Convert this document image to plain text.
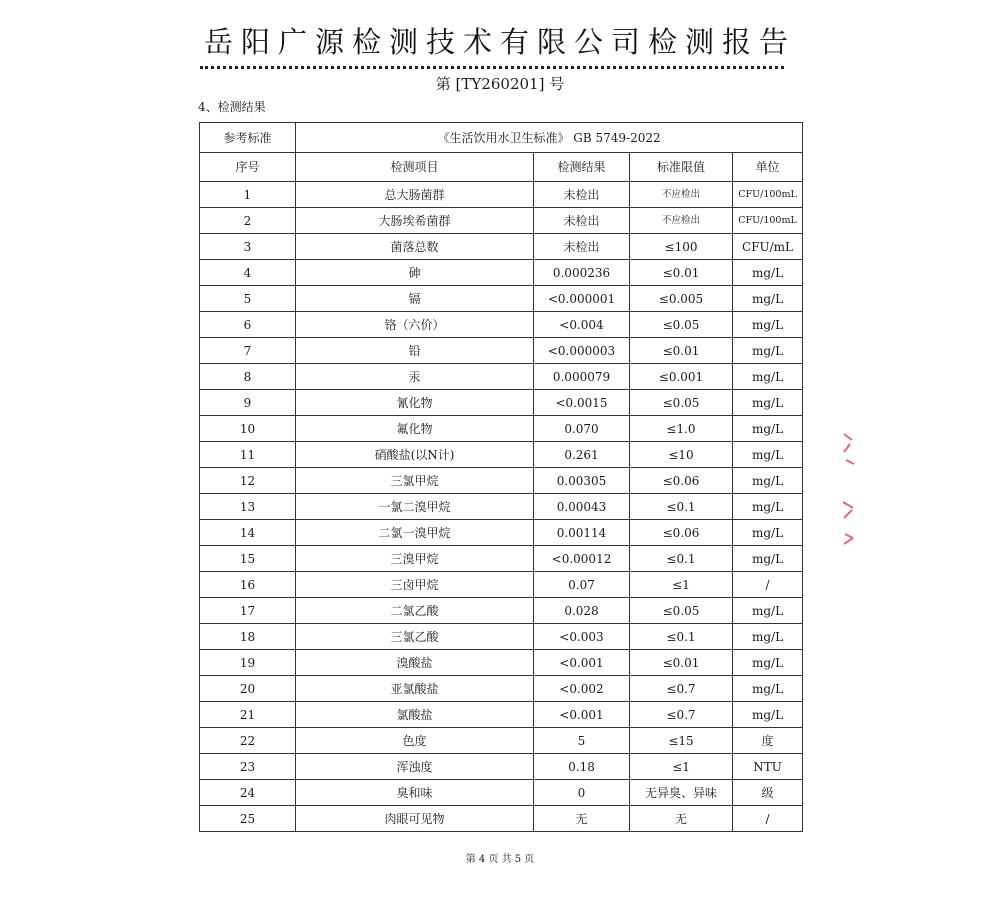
岳阳广源检测技术有限公司检测报告
第 [TY260201] 号
4、检测结果
参考标准	《生活饮用水卫生标准》 GB 5749-2022			
序号	检测项目	检测结果	标准限值	单位
1	总大肠菌群	未检出	不应检出	CFU/100mL
2	大肠埃希菌群	未检出	不应检出	CFU/100mL
3	菌落总数	未检出	≤100	CFU/mL
4	砷	0.000236	≤0.01	mg/L
5	镉	<0.000001	≤0.005	mg/L
6	铬（六价）	<0.004	≤0.05	mg/L
7	铅	<0.000003	≤0.01	mg/L
8	汞	0.000079	≤0.001	mg/L
9	氰化物	<0.0015	≤0.05	mg/L
10	氟化物	0.070	≤1.0	mg/L
11	硝酸盐(以N计)	0.261	≤10	mg/L
12	三氯甲烷	0.00305	≤0.06	mg/L
13	一氯二溴甲烷	0.00043	≤0.1	mg/L
14	二氯一溴甲烷	0.00114	≤0.06	mg/L
15	三溴甲烷	<0.00012	≤0.1	mg/L
16	三卤甲烷	0.07	≤1	/
17	二氯乙酸	0.028	≤0.05	mg/L
18	三氯乙酸	<0.003	≤0.1	mg/L
19	溴酸盐	<0.001	≤0.01	mg/L
20	亚氯酸盐	<0.002	≤0.7	mg/L
21	氯酸盐	<0.001	≤0.7	mg/L
22	色度	5	≤15	度
23	浑浊度	0.18	≤1	NTU
24	臭和味	0	无异臭、异味	级
25	肉眼可见物	无	无	/
第 4 页 共 5 页
